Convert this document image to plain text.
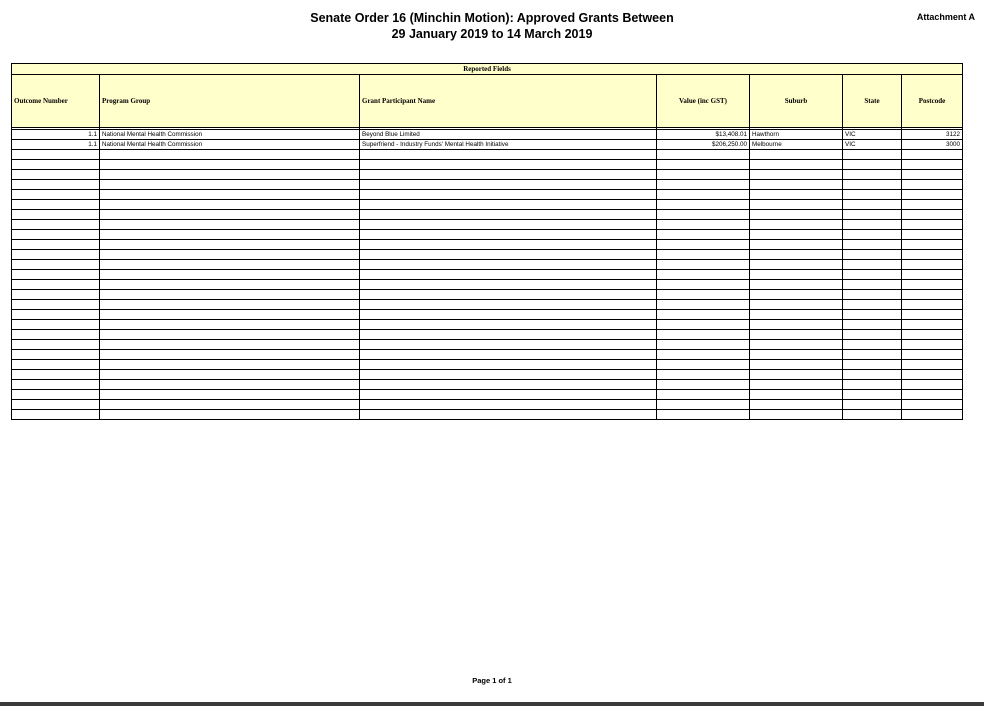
Senate Order 16 (Minchin Motion): Approved Grants Between
29 January 2019 to 14 March 2019
Attachment A
Reported Fields						
Outcome Number	Program Group	Grant Participant Name	Value (inc GST)	Suburb	State	Postcode

1.1	National Mental Health Commission	Beyond Blue Limited	$13,408.01	Hawthorn	VIC	3122
1.1	National Mental Health Commission	Superfriend - Industry Funds' Mental Health Initiative	$206,250.00	Melbourne	VIC	3000

Page 1 of 1
